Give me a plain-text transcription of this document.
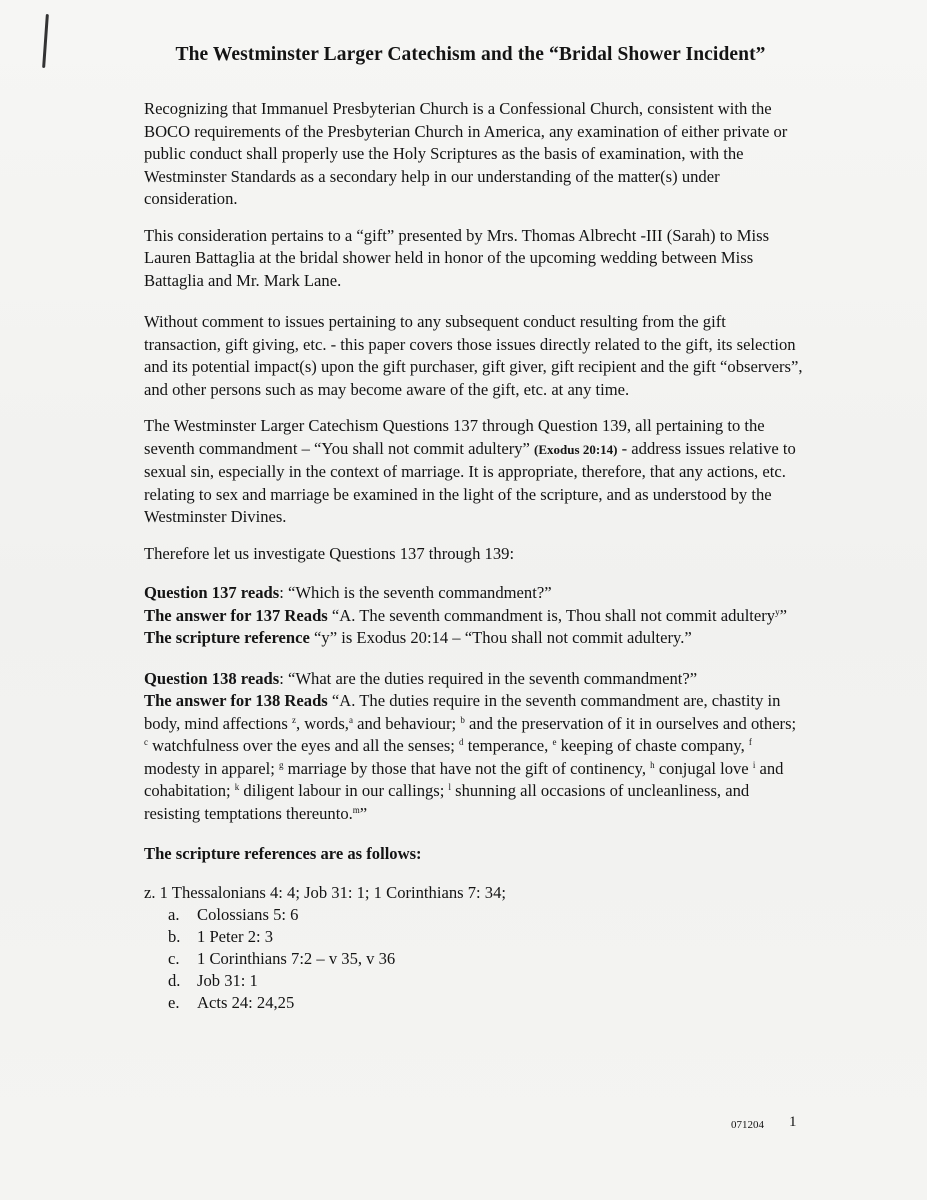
The Westminster Larger Catechism and the “Bridal Shower Incident”

Recognizing that Immanuel Presbyterian Church is a Confessional Church, consistent with the BOCO requirements of the Presbyterian Church in America, any examination of either private or public conduct shall properly use the Holy Scriptures as the basis of examination, with the Westminster Standards as a secondary help in our understanding of the matter(s) under consideration.

This consideration pertains to a “gift” presented by Mrs. Thomas Albrecht -III (Sarah) to Miss Lauren Battaglia at the bridal shower held in honor of the upcoming wedding between Miss Battaglia and Mr. Mark Lane.

Without comment to issues pertaining to any subsequent conduct resulting from the gift transaction, gift giving, etc. - this paper covers those issues directly related to the gift, its selection and its potential impact(s) upon the gift purchaser, gift giver, gift recipient and the gift “observers”, and other persons such as may become aware of the gift, etc. at any time.

The Westminster Larger Catechism Questions 137 through Question 139, all pertaining to the seventh commandment – “You shall not commit adultery” (Exodus 20:14) - address issues relative to sexual sin, especially in the context of marriage. It is appropriate, therefore, that any actions, etc. relating to sex and marriage be examined in the light of the scripture, and as understood by the Westminster Divines.

Therefore let us investigate Questions 137 through 139:

Question 137 reads: “Which is the seventh commandment?”

The answer for 137 Reads “A. The seventh commandment is, Thou shall not commit adultery$^y$”

The scripture reference “y” is Exodus 20:14 – “Thou shall not commit adultery.”

Question 138 reads: “What are the duties required in the seventh commandment?”

The answer for 138 Reads “A. The duties require in the seventh commandment are, chastity in body, mind affections $^z$, words,$^a$ and behaviour; $^b$ and the preservation of it in ourselves and others; $^c$ watchfulness over the eyes and all the senses; $^d$ temperance, $^e$ keeping of chaste company, $^f$ modesty in apparel; $^g$ marriage by those that have not the gift of continency, $^h$ conjugal love $^i$ and cohabitation; $^k$ diligent labour in our callings; $^l$ shunning all occasions of uncleanliness, and resisting temptations thereunto.$^m$”

The scripture references are as follows:

z. 1 Thessalonians 4: 4; Job 31: 1; 1 Corinthians 7: 34;

a.	Colossians 5: 6
b. 1 Peter 2: 3
c.	1 Corinthians 7:2 – v 35, v 36
d. Job 31: 1
e.	Acts 24: 24,25
071204 1
